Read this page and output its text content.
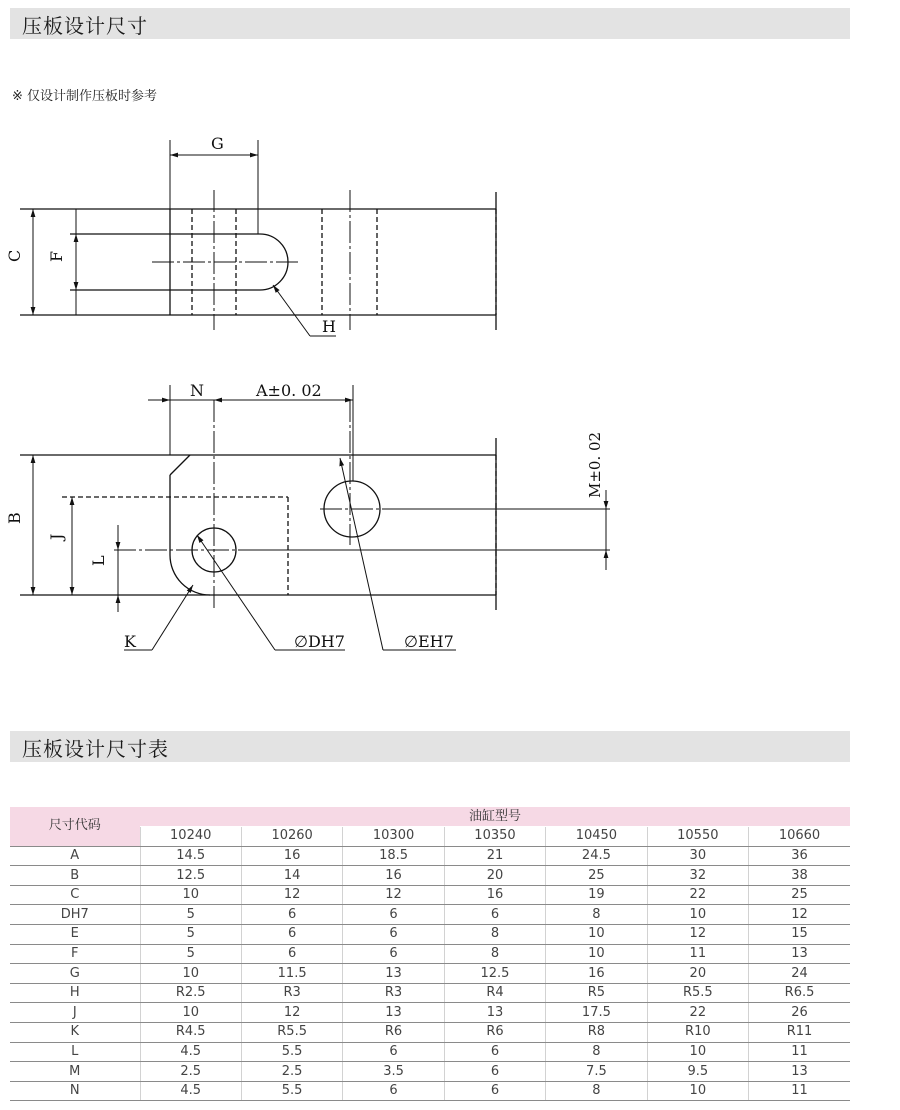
压板设计尺寸
※ 仅设计制作压板时参考
G
C F
H
N	A±0. 02
M±0. 02
B
J
L
K	∅DH7	∅EH7
压板设计尺寸表
尺寸代码	油缸型号						
	10240	10260	10300	10350	10450	10550	10660
A	14.5	16	18.5	21	24.5	30	36
B	12.5	14	16	20	25	32	38
C	10	12	12	16	19	22	25
DH7	5	6	6	6	8	10	12
E	5	6	6	8	10	12	15
F	5	6	6	8	10	11	13
G	10	11.5	13	12.5	16	20	24
H	R2.5	R3	R3	R4	R5	R5.5	R6.5
J	10	12	13	13	17.5	22	26
K	R4.5	R5.5	R6	R6	R8	R10	R11
L	4.5	5.5	6	6	8	10	11
M	2.5	2.5	3.5	6	7.5	9.5	13
N	4.5	5.5	6	6	8	10	11
